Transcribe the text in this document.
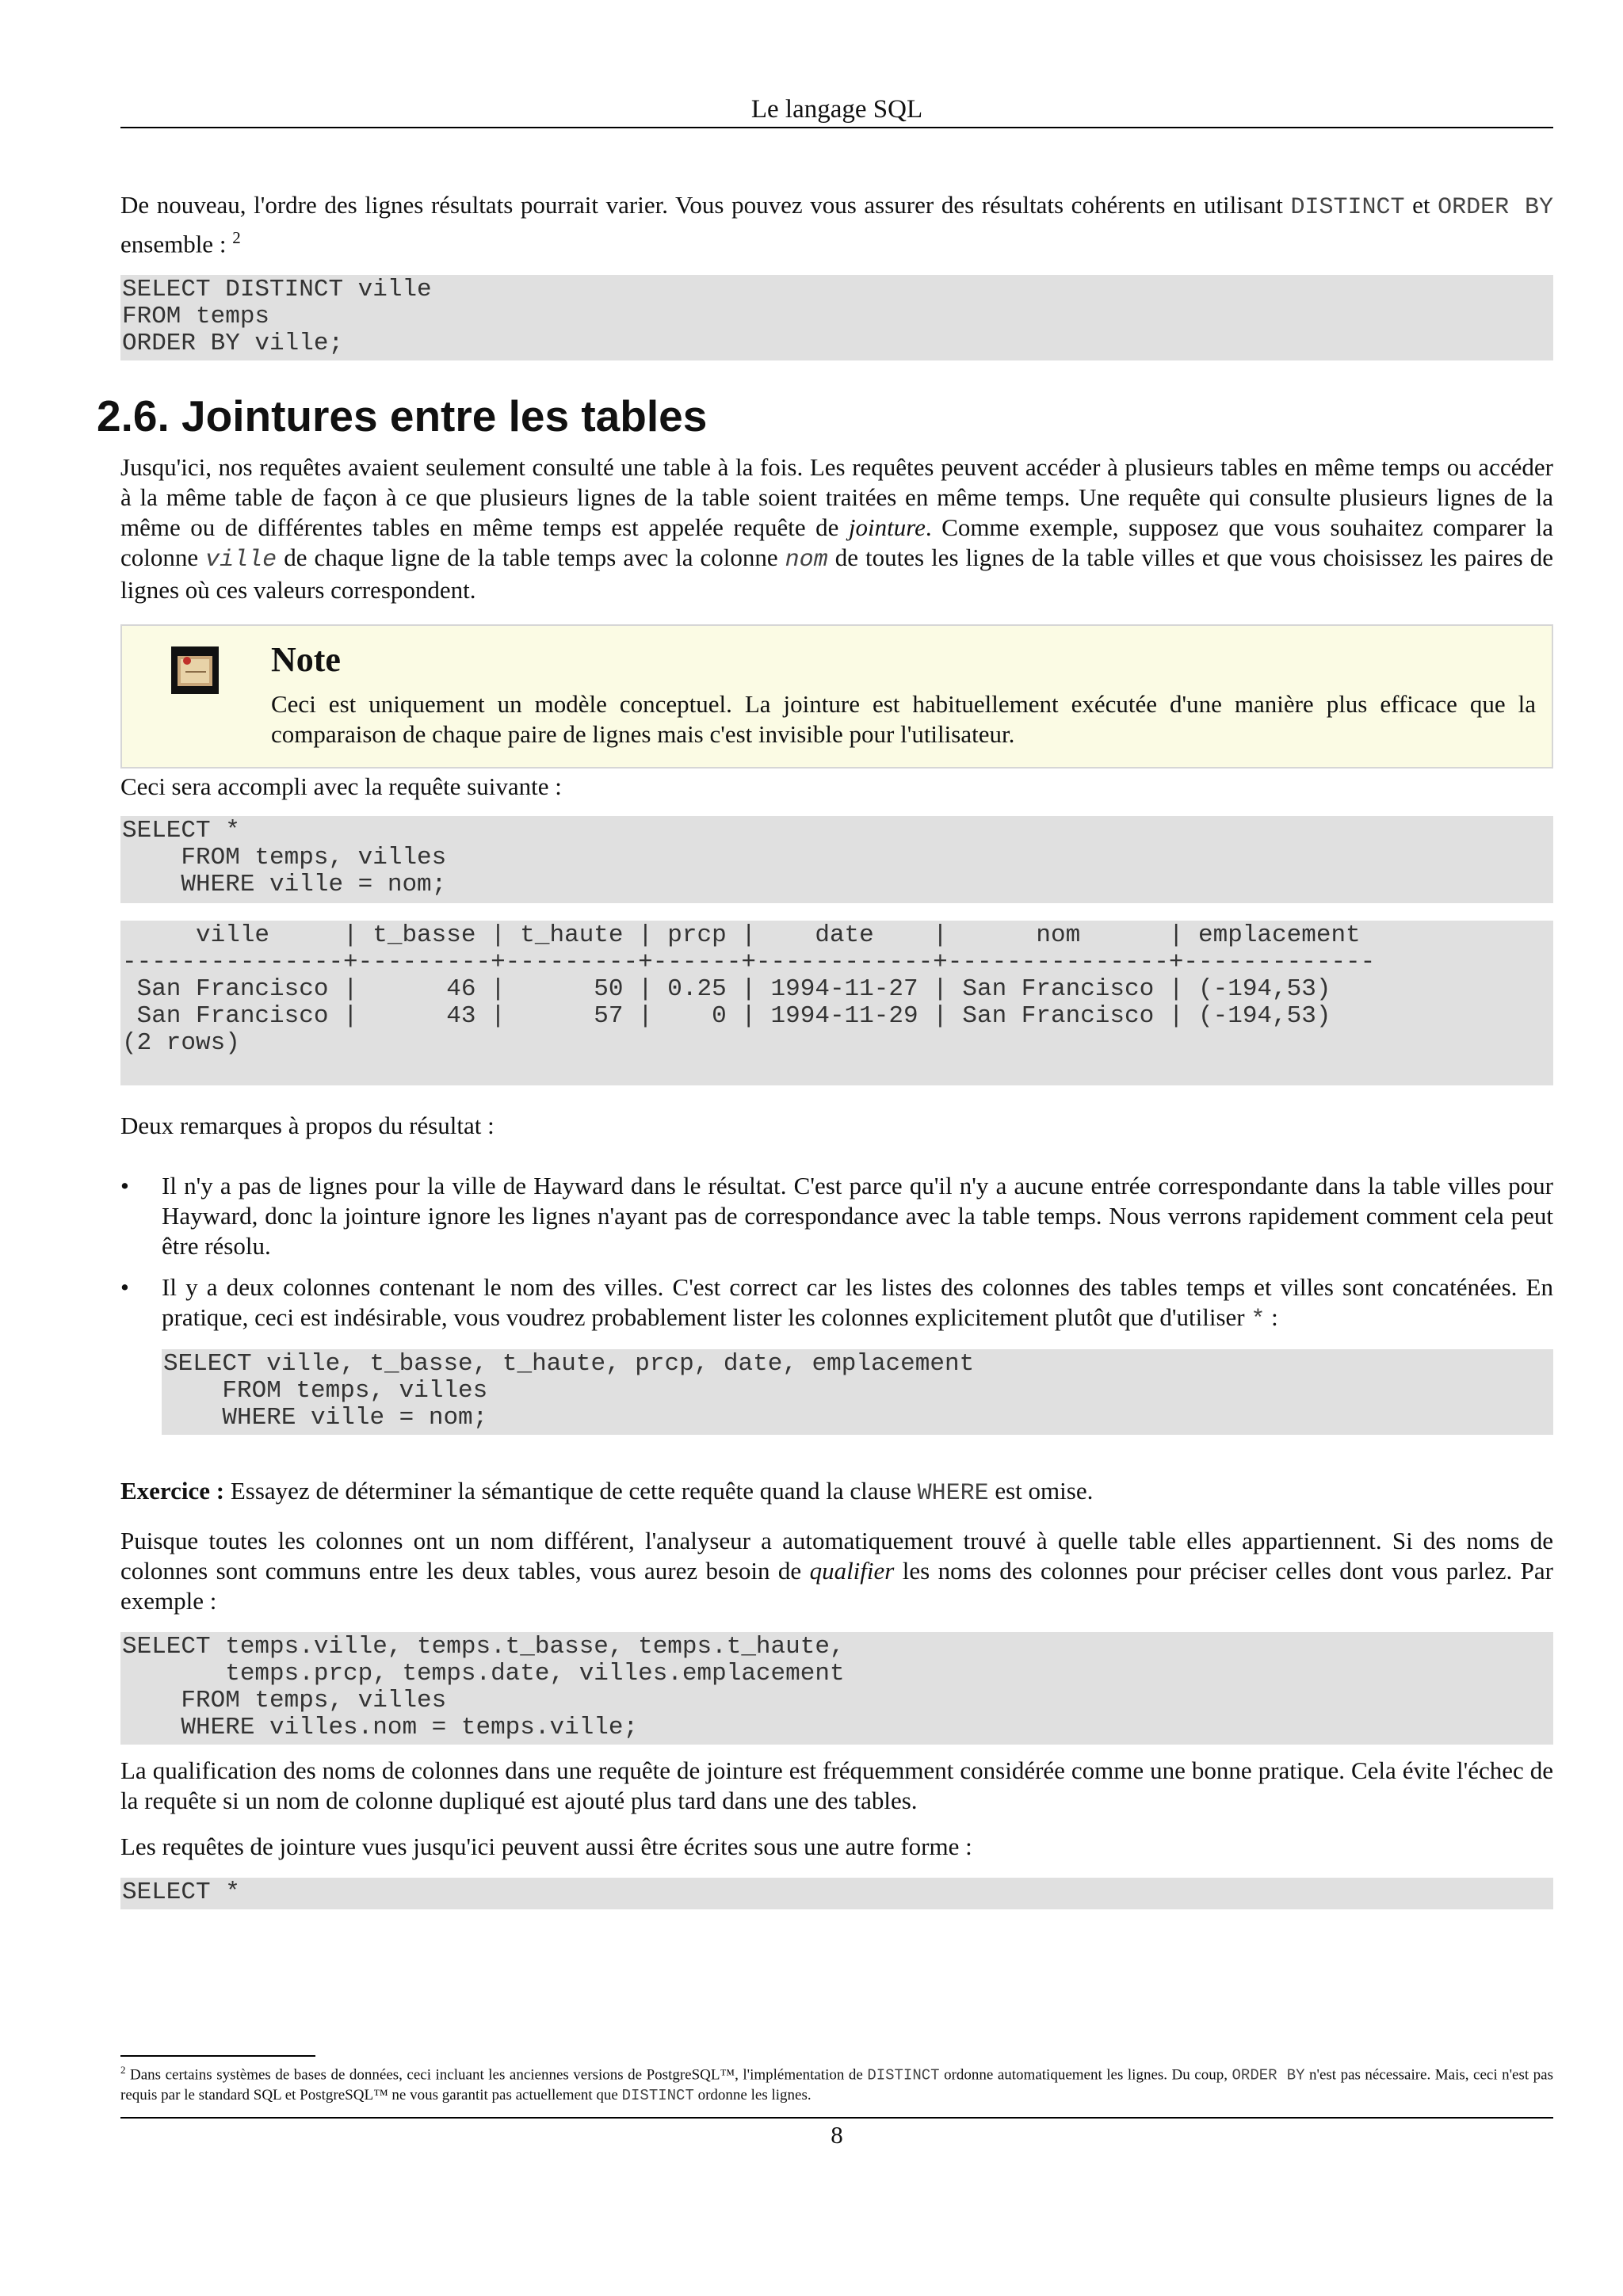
Le langage SQL

De nouveau, l'ordre des lignes résultats pourrait varier. Vous pouvez vous assurer des résultats cohérents en utilisant DISTINCT et ORDER BY ensemble : $^2$

SELECT DISTINCT ville
FROM temps
ORDER BY ville;
2.6. Jointures entre les tables

Jusqu'ici, nos requêtes avaient seulement consulté une table à la fois. Les requêtes peuvent accéder à plusieurs tables en même temps ou accéder à la même table de façon à ce que plusieurs lignes de la table soient traitées en même temps. Une requête qui consulte plusieurs lignes de la même ou de différentes tables en même temps est appelée requête de jointure. Comme exemple, supposez que vous souhaitez comparer la colonne ville de chaque ligne de la table temps avec la colonne nom de toutes les lignes de la table villes et que vous choisissez les paires de lignes où ces valeurs correspondent.

Note

Ceci est uniquement un modèle conceptuel. La jointure est habituellement exécutée d'une manière plus efficace que la comparaison de chaque paire de lignes mais c'est invisible pour l'utilisateur.

Ceci sera accompli avec la requête suivante :

SELECT *
FROM temps, villes
WHERE ville = nom;
ville     | t_basse | t_haute | prcp |    date    |      nom      | emplacement
---------------+---------+---------+------+------------+---------------+-------------
San Francisco |      46 |      50 | 0.25 | 1994-11-27 | San Francisco | (-194,53)
San Francisco |      43 |      57 |    0 | 1994-11-29 | San Francisco | (-194,53)
(2 rows)

Deux remarques à propos du résultat :

• Il n'y a pas de lignes pour la ville de Hayward dans le résultat. C'est parce qu'il n'y a aucune entrée correspondante dans la table villes pour Hayward, donc la jointure ignore les lignes n'ayant pas de correspondance avec la table temps. Nous verrons rapidement comment cela peut être résolu.
• Il y a deux colonnes contenant le nom des villes. C'est correct car les listes des colonnes des tables temps et villes sont concaténées. En pratique, ceci est indésirable, vous voudrez probablement lister les colonnes explicitement plutôt que d'utiliser * :
SELECT ville, t_basse, t_haute, prcp, date, emplacement
FROM temps, villes
WHERE ville = nom;

Exercice : Essayez de déterminer la sémantique de cette requête quand la clause WHERE est omise.

Puisque toutes les colonnes ont un nom différent, l'analyseur a automatiquement trouvé à quelle table elles appartiennent. Si des noms de colonnes sont communs entre les deux tables, vous aurez besoin de qualifier les noms des colonnes pour préciser celles dont vous parlez. Par exemple :

SELECT temps.ville, temps.t_basse, temps.t_haute,
temps.prcp, temps.date, villes.emplacement
FROM temps, villes
WHERE villes.nom = temps.ville;

La qualification des noms de colonnes dans une requête de jointure est fréquemment considérée comme une bonne pratique. Cela évite l'échec de la requête si un nom de colonne dupliqué est ajouté plus tard dans une des tables.

Les requêtes de jointure vues jusqu'ici peuvent aussi être écrites sous une autre forme :

SELECT *
$^2$ Dans certains systèmes de bases de données, ceci incluant les anciennes versions de PostgreSQL™, l'implémentation de DISTINCT ordonne automatiquement les lignes. Du coup, ORDER BY n'est pas nécessaire. Mais, ceci n'est pas requis par le standard SQL et PostgreSQL™ ne vous garantit pas actuellement que DISTINCT ordonne les lignes.
8
